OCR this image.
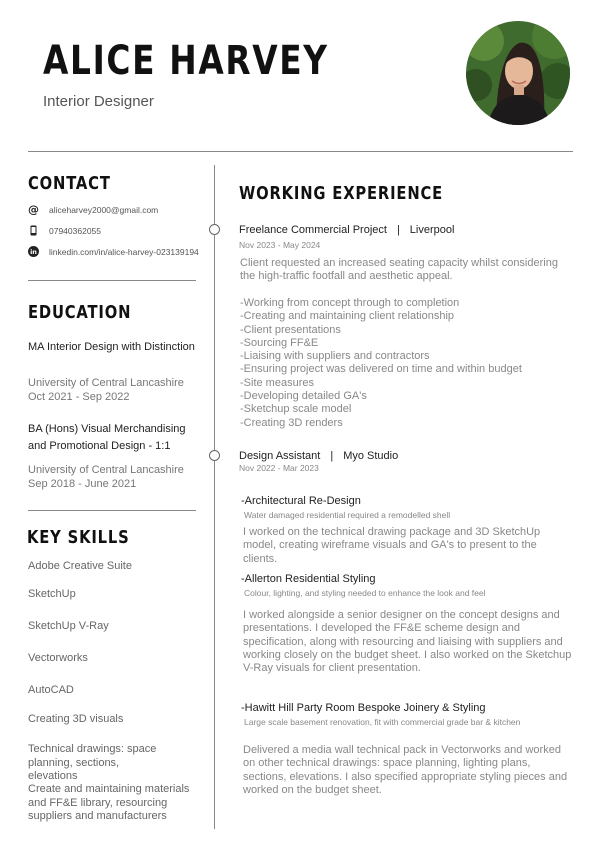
ALICE HARVEY
Interior Designer
CONTACT
@ aliceharvey2000@gmail.com
07940362055
in linkedin.com/in/alice-harvey-023139194
EDUCATION
MA Interior Design with Distinction
University of Central Lancashire
Oct 2021 - Sep 2022
BA (Hons) Visual Merchandising and Promotional Design - 1:1
University of Central Lancashire
Sep 2018 - June 2021
KEY SKILLS
Adobe Creative Suite
SketchUp
SketchUp V-Ray
Vectorworks
AutoCAD
Creating 3D visuals
Technical drawings: space planning, sections, elevations
Create and maintaining materials and FF&E library, resourcing suppliers and manufacturers
WORKING EXPERIENCE
Freelance Commercial Project | Liverpool
Nov 2023 - May 2024
Client requested an increased seating capacity whilst considering the high-traffic footfall and aesthetic appeal.
-Working from concept through to completion
-Creating and maintaining client relationship
-Client presentations
-Sourcing FF&E
-Liaising with suppliers and contractors
-Ensuring project was delivered on time and within budget
-Site measures
-Developing detailed GA's
-Sketchup scale model
-Creating 3D renders
Design Assistant | Myo Studio
Nov 2022 - Mar 2023
-Architectural Re-Design
Water damaged residential required a remodelled shell
I worked on the technical drawing package and 3D SketchUp model, creating wireframe visuals and GA's to present to the clients.
-Allerton Residential Styling
Colour, lighting, and styling needed to enhance the look and feel
I worked alongside a senior designer on the concept designs and presentations. I developed the FF&E scheme design and specification, along with resourcing and liaising with suppliers and working closely on the budget sheet. I also worked on the Sketchup V-Ray visuals for client presentation.
-Hawitt Hill Party Room Bespoke Joinery & Styling
Large scale basement renovation, fit with commercial grade bar & kitchen
Delivered a media wall technical pack in Vectorworks and worked on other technical drawings: space planning, lighting plans, sections, elevations. I also specified appropriate styling pieces and worked on the budget sheet.
